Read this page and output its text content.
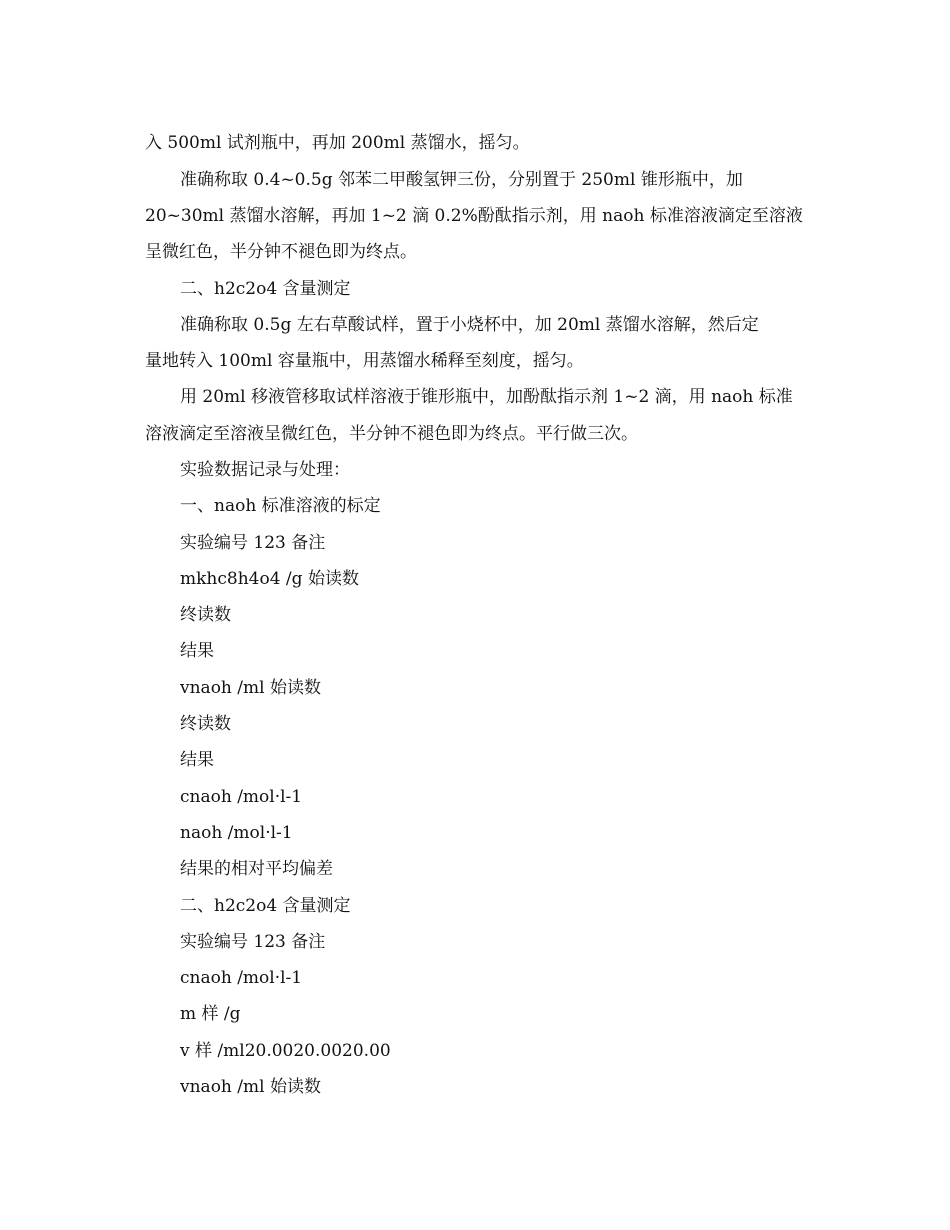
入 500ml 试剂瓶中，再加 200ml 蒸馏水，摇匀。
准确称取 0.4~0.5g 邻苯二甲酸氢钾三份，分别置于 250ml 锥形瓶中，加
20~30ml 蒸馏水溶解，再加 1~2 滴 0.2%酚酞指示剂，用 naoh 标准溶液滴定至溶液
呈微红色，半分钟不褪色即为终点。
二、h2c2o4 含量测定
准确称取 0.5g 左右草酸试样，置于小烧杯中，加 20ml 蒸馏水溶解，然后定
量地转入 100ml 容量瓶中，用蒸馏水稀释至刻度，摇匀。
用 20ml 移液管移取试样溶液于锥形瓶中，加酚酞指示剂 1~2 滴，用 naoh 标准
溶液滴定至溶液呈微红色，半分钟不褪色即为终点。平行做三次。
实验数据记录与处理：
一、naoh 标准溶液的标定
实验编号 123 备注
mkhc8h4o4 /g 始读数
终读数
结果
vnaoh /ml 始读数
终读数
结果
cnaoh /mol·l-1
naoh /mol·l-1
结果的相对平均偏差
二、h2c2o4 含量测定
实验编号 123 备注
cnaoh /mol·l-1
m 样 /g
v 样 /ml20.0020.0020.00
vnaoh /ml 始读数
